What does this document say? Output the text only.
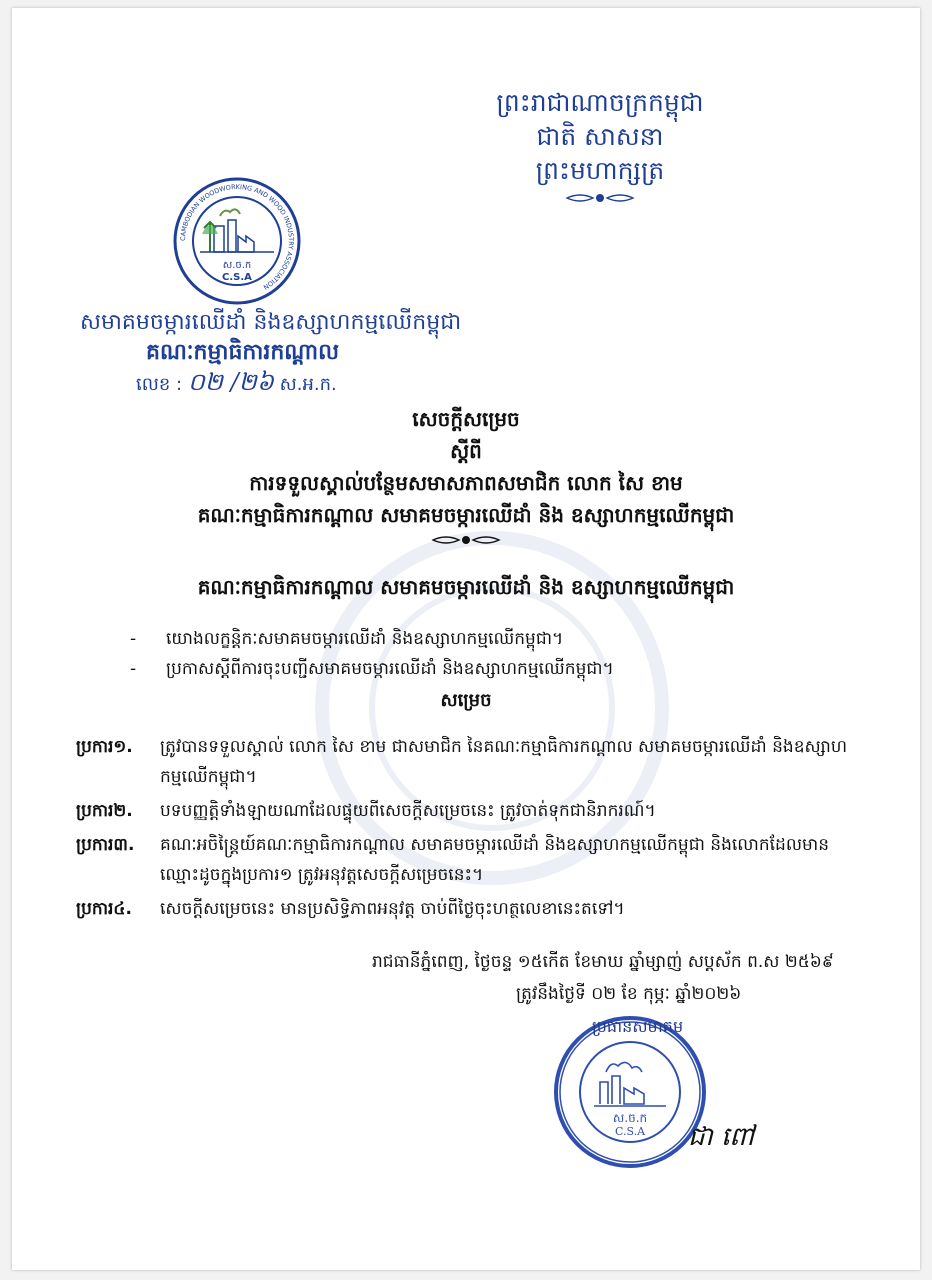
ព្រះរាជាណាចក្រកម្ពុជា
ជាតិ សាសនា ព្រះមហាក្សត្រ
CAMBODIAN WOODWORKING AND WOOD INDUSTRY ASSOCIATION
ស.ច.ក
C.S.A
សមាគមចម្ការឈើដាំ និងឧស្សាហកម្មឈើកម្ពុជា
គណៈកម្មាធិការកណ្តាល
លេខ : ០២ /២៦ ស.អ.ក.
សេចក្តីសម្រេច
ស្តីពី
ការទទួលស្គាល់បន្ថែមសមាសភាពសមាជិក លោក សៃ ខាម
គណៈកម្មាធិការកណ្តាល សមាគមចម្ការឈើដាំ និង ឧស្សាហកម្មឈើកម្ពុជា
គណៈកម្មាធិការកណ្តាល សមាគមចម្ការឈើដាំ និង ឧស្សាហកម្មឈើកម្ពុជា
-	យោងលក្ខន្តិកៈសមាគមចម្ការឈើដាំ និងឧស្សាហកម្មឈើកម្ពុជា។
-	ប្រកាសស្តីពីការចុះបញ្ជីសមាគមចម្ការឈើដាំ និងឧស្សាហកម្មឈើកម្ពុជា។
សម្រេច
ប្រការ១.	ត្រូវបានទទួលស្គាល់ លោក សៃ ខាម ជាសមាជិក នៃគណៈកម្មាធិការកណ្តាល សមាគមចម្ការឈើដាំ និងឧស្សាហកម្មឈើកម្ពុជា។
ប្រការ២.	បទបញ្ញត្តិទាំងឡាយណាដែលផ្ទុយពីសេចក្តីសម្រេចនេះ ត្រូវចាត់ទុកជានិរាករណ៍។
ប្រការ៣.	គណៈអចិន្ត្រៃយ៍គណៈកម្មាធិការកណ្តាល សមាគមចម្ការឈើដាំ និងឧស្សាហកម្មឈើកម្ពុជា និងលោកដែលមានឈ្មោះដូចក្នុងប្រការ១ ត្រូវអនុវត្តសេចក្តីសម្រេចនេះ។
ប្រការ៤.	សេចក្តីសម្រេចនេះ មានប្រសិទ្ធិភាពអនុវត្ត ចាប់ពីថ្ងៃចុះហត្ថលេខានេះតទៅ។
រាជធានីភ្នំពេញ, ថ្ងៃចន្ទ ១៥កើត ខែមាឃ ឆ្នាំម្សាញ់ សប្តស័ក ព.ស ២៥៦៩
ត្រូវនឹងថ្ងៃទី ០២ ខែ កុម្ភៈ ឆ្នាំ២០២៦
ស.ច.ក
C.S.A
ប្រធានសមាគម
ជា ពៅ
